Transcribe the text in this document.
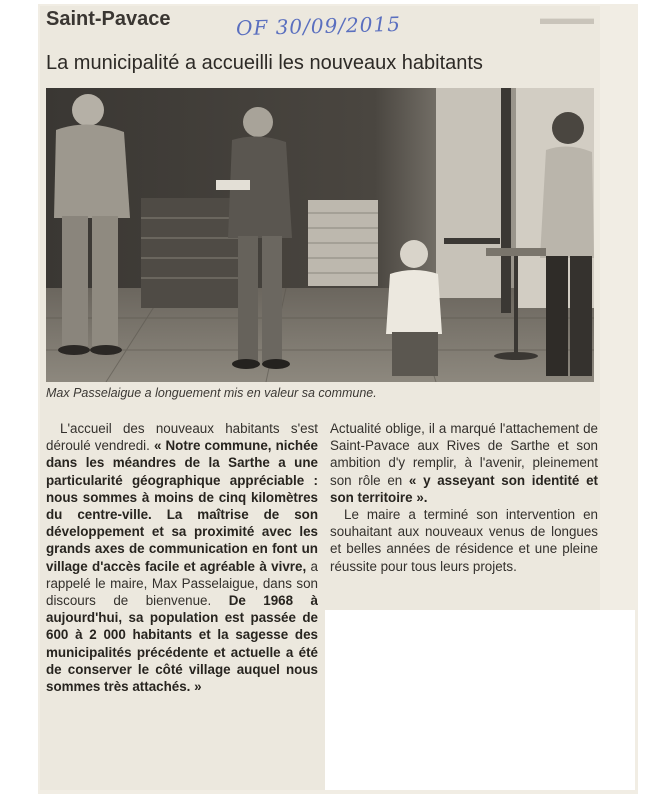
▬▬▬
Saint-Pavace	OF 30/09/2015
La municipalité a accueilli les nouveaux habitants
Max Passelaigue a longuement mis en valeur sa commune.

L'accueil des nouveaux habitants s'est déroulé vendredi. « Notre commune, nichée dans les méandres de la Sarthe a une particularité géographique appréciable : nous sommes à moins de cinq kilomètres du centre-ville. La maîtrise de son développement et sa proximité avec les grands axes de communication en font un village d'accès facile et agréable à vivre, a rappelé le maire, Max Passelaigue, dans son discours de bienvenue. De 1968 à aujourd'hui, sa population est passée de 600 à 2 000 habitants et la sagesse des municipalités précédente et actuelle a été de conserver le côté village auquel nous sommes très attachés. »

Actualité oblige, il a marqué l'attachement de Saint-Pavace aux Rives de Sarthe et son ambition d'y remplir, à l'avenir, pleinement son rôle en « y asseyant son identité et son territoire ».

Le maire a terminé son intervention en souhaitant aux nouveaux venus de longues et belles années de résidence et une pleine réussite pour tous leurs projets.
